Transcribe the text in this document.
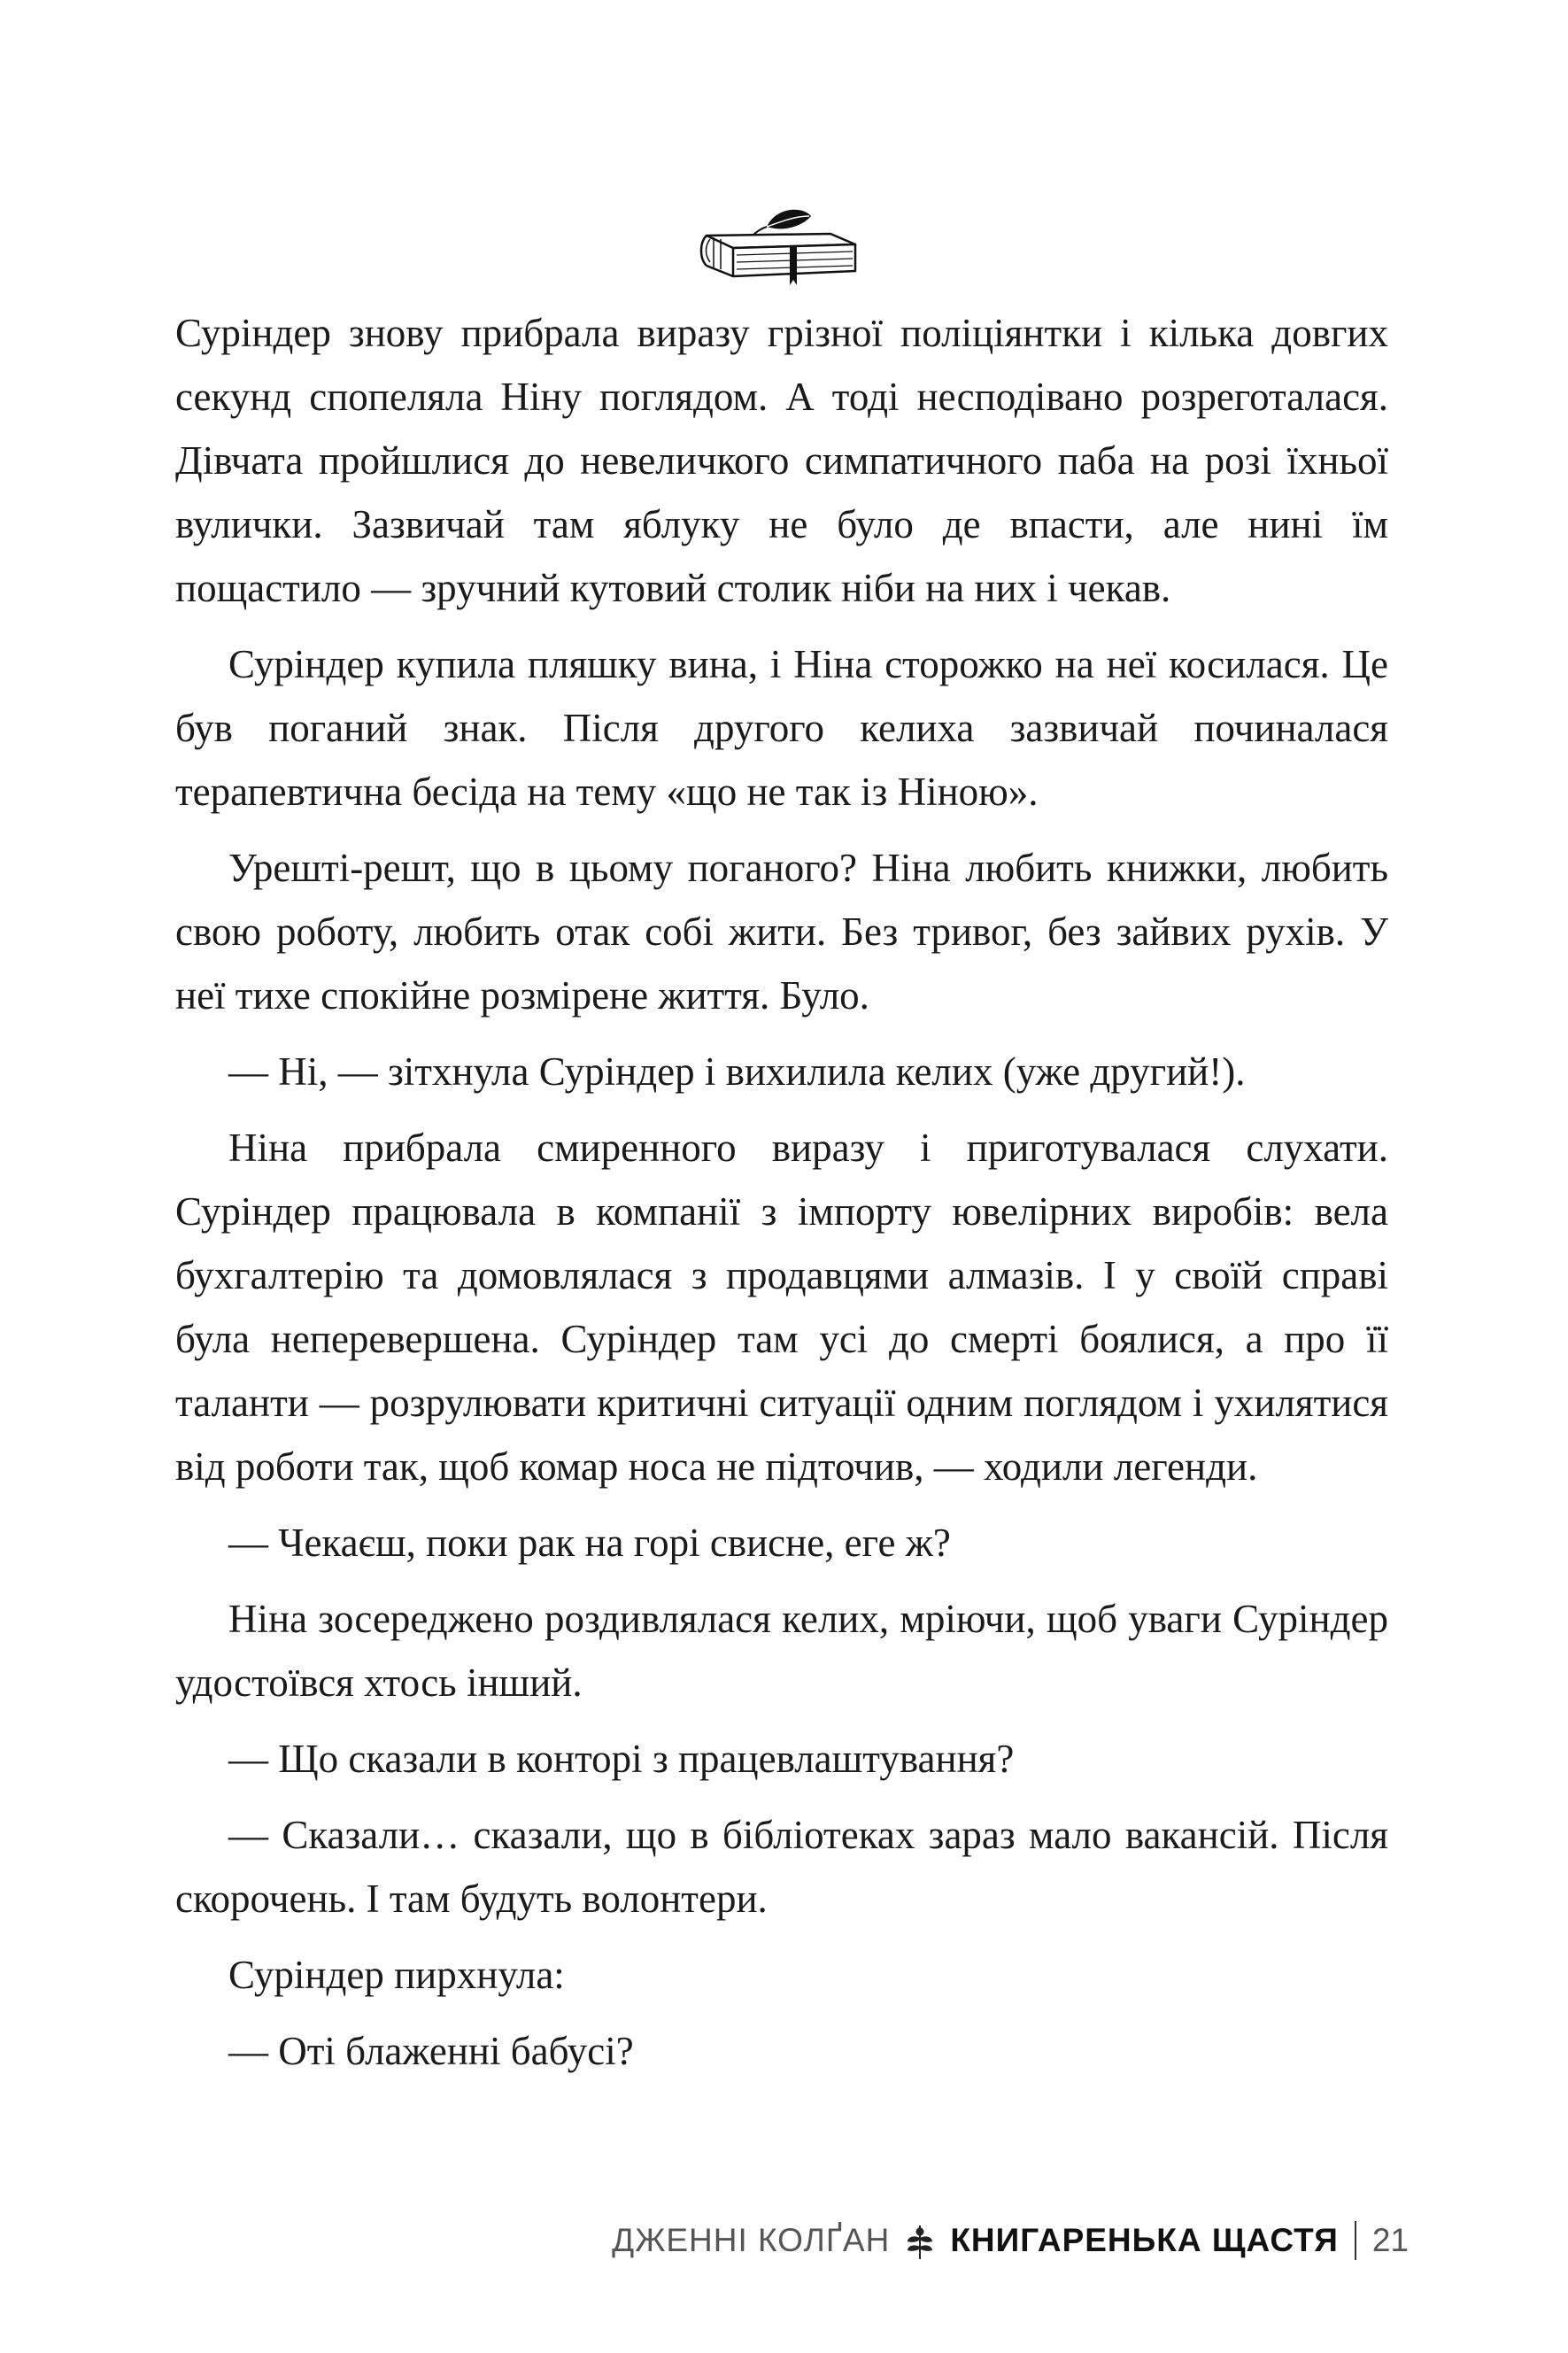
Суріндер знову прибрала виразу грізної поліціянтки і кілька довгих секунд спопеляла Ніну поглядом. А тоді несподівано розреготалася. Дівчата пройшлися до невеличкого симпатичного паба на розі їхньої вулички. Зазвичай там яблуку не було де впасти, але нині їм пощастило — зручний кутовий столик ніби на них і чекав.

Суріндер купила пляшку вина, і Ніна сторожко на неї косилася. Це був поганий знак. Після другого келиха зазвичай починалася терапевтична бесіда на тему «що не так із Ніною».

Урешті-решт, що в цьому поганого? Ніна любить книжки, любить свою роботу, любить отак собі жити. Без тривог, без зайвих рухів. У неї тихе спокійне розмірене життя. Було.

— Ні, — зітхнула Суріндер і вихилила келих (уже другий!).

Ніна прибрала смиренного виразу і приготувалася слухати. Суріндер працювала в компанії з імпорту ювелірних виробів: вела бухгалтерію та домовлялася з продавцями алмазів. І у своїй справі була неперевершена. Суріндер там усі до смерті боялися, а про її таланти — розрулювати критичні ситуації одним поглядом і ухилятися від роботи так, щоб комар носа не підточив, — ходили легенди.

— Чекаєш, поки рак на горі свисне, еге ж?

Ніна зосереджено роздивлялася келих, мріючи, щоб уваги Суріндер удостоївся хтось інший.

— Що сказали в конторі з працевлаштування?

— Сказали… сказали, що в бібліотеках зараз мало вакансій. Після скорочень. І там будуть волонтери.

Суріндер пирхнула:

— Оті блаженні бабусі?

ДЖЕННІ КОЛҐАН КНИГАРЕНЬКА ЩАСТЯ 21
